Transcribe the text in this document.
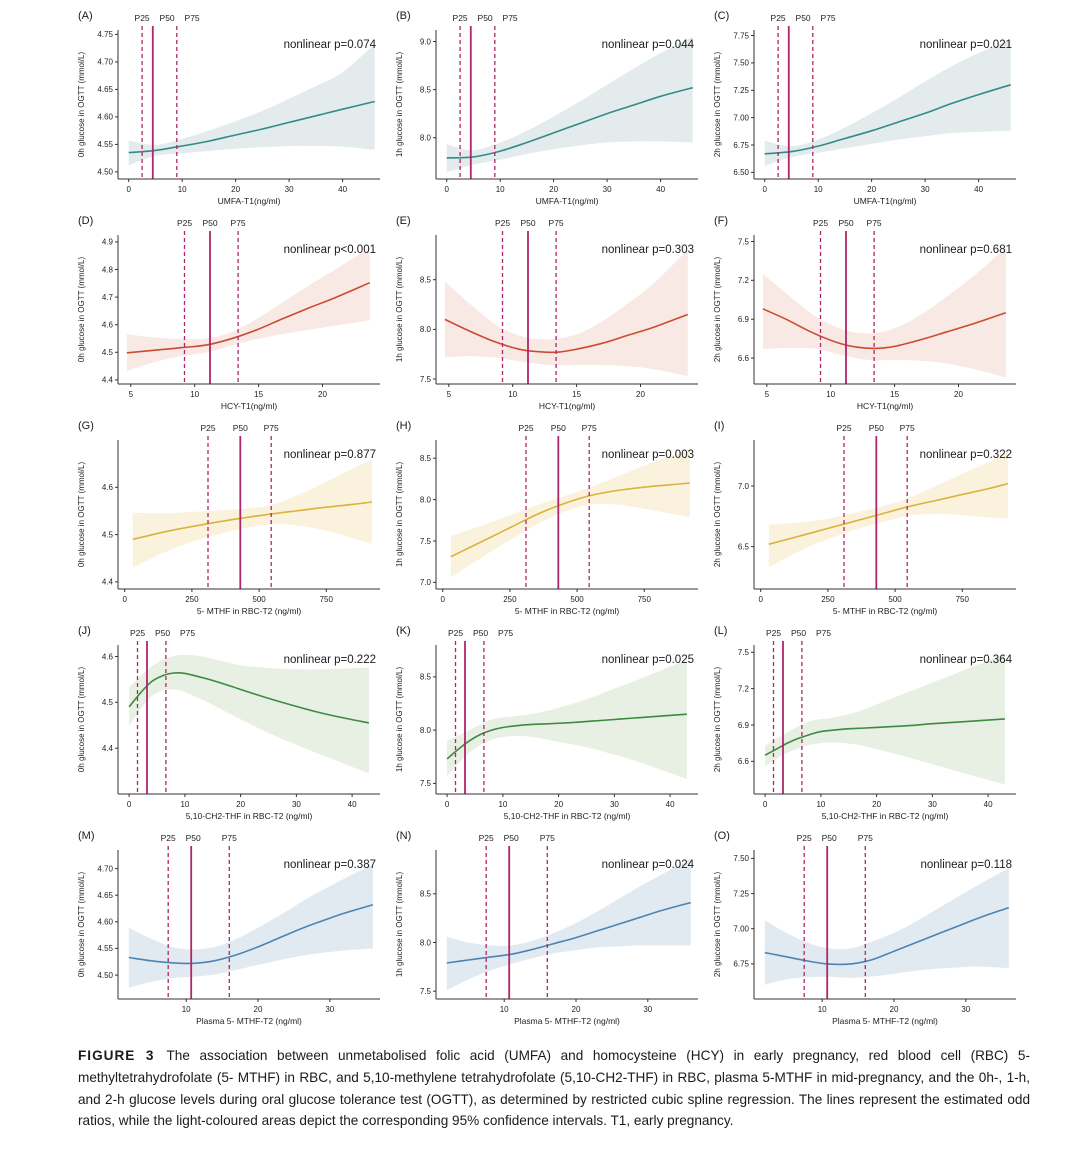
P25 P50 P75
4.50
4.55
4.60
4.65
4.70
4.75
0	10	20	30	40
0h glucose in OGTT (mmol/L)
UMFA-T1(ng/ml)
nonlinear p=0.074
(A)	P25 P50 P75
8.0
8.5
9.0
0	10	20	30	40
1h glucose in OGTT (mmol/L)
UMFA-T1(ng/ml)
nonlinear p=0.044
(B)	P25 P50 P75
6.50
6.75
7.00
7.25
7.50
7.75
0	10	20	30	40
2h glucose in OGTT (mmol/L)
UMFA-T1(ng/ml)
nonlinear p=0.021
(C)
P25 P50 P75
4.4
4.5
4.6
4.7
4.8
4.9
5	10	15	20
0h glucose in OGTT (mmol/L)
HCY-T1(ng/ml)
nonlinear p<0.001
(D)	P25 P50 P75
7.5
8.0
8.5
5	10	15	20
1h glucose in OGTT (mmol/L)
HCY-T1(ng/ml)
nonlinear p=0.303
(E)	P25 P50 P75
6.6
6.9
7.2
7.5
5	10	15	20
2h glucose in OGTT (mmol/L)
HCY-T1(ng/ml)
nonlinear p=0.681
(F)
P25 P50 P75
4.4
4.5
4.6
0	250	500	750
0h glucose in OGTT (mmol/L)
5- MTHF in RBC-T2 (ng/ml)
nonlinear p=0.877
(G)	P25 P50 P75
7.0
7.5
8.0
8.5
0	250	500	750
1h glucose in OGTT (mmol/L)
5- MTHF in RBC-T2 (ng/ml)
nonlinear p=0.003
(H)	P25 P50 P75
6.5
7.0
0	250	500	750
2h glucose in OGTT (mmol/L)
5- MTHF in RBC-T2 (ng/ml)
nonlinear p=0.322
(I)
P25 P50 P75
4.4
4.5
4.6
0	10	20	30	40
0h glucose in OGTT (mmol/L)
5,10-CH2-THF in RBC-T2 (ng/ml)
nonlinear p=0.222
(J)	P25 P50 P75
7.5
8.0
8.5
0	10	20	30	40
1h glucose in OGTT (mmol/L)
5,10-CH2-THF in RBC-T2 (ng/ml)
nonlinear p=0.025
(K)	P25 P50 P75
6.6
6.9
7.2
7.5
0	10	20	30	40
2h glucose in OGTT (mmol/L)
5,10-CH2-THF in RBC-T2 (ng/ml)
nonlinear p=0.364
(L)
P25 P50 P75
4.50
4.55
4.60
4.65
4.70
10	20	30
0h glucose in OGTT (mmol/L)
Plasma 5- MTHF-T2 (ng/ml)
nonlinear p=0.387
(M)	P25 P50 P75
7.5
8.0
8.5
10	20	30
1h glucose in OGTT (mmol/L)
Plasma 5- MTHF-T2 (ng/ml)
nonlinear p=0.024
(N)	P25 P50 P75
6.75
7.00
7.25
7.50
10	20	30
2h glucose in OGTT (mmol/L)
Plasma 5- MTHF-T2 (ng/ml)
nonlinear p=0.118
(O)
FIGURE 3 The association between unmetabolised folic acid (UMFA) and homocysteine (HCY) in early pregnancy, red blood cell (RBC) 5-methyltetrahydrofolate (5- MTHF) in RBC, and 5,10-methylene tetrahydrofolate (5,10-CH2-THF) in RBC, plasma 5-MTHF in mid-pregnancy, and the 0h-, 1-h, and 2-h glucose levels during oral glucose tolerance test (OGTT), as determined by restricted cubic spline regression. The lines represent the estimated odd ratios, while the light-coloured areas depict the corresponding 95% confidence intervals. T1, early pregnancy.
